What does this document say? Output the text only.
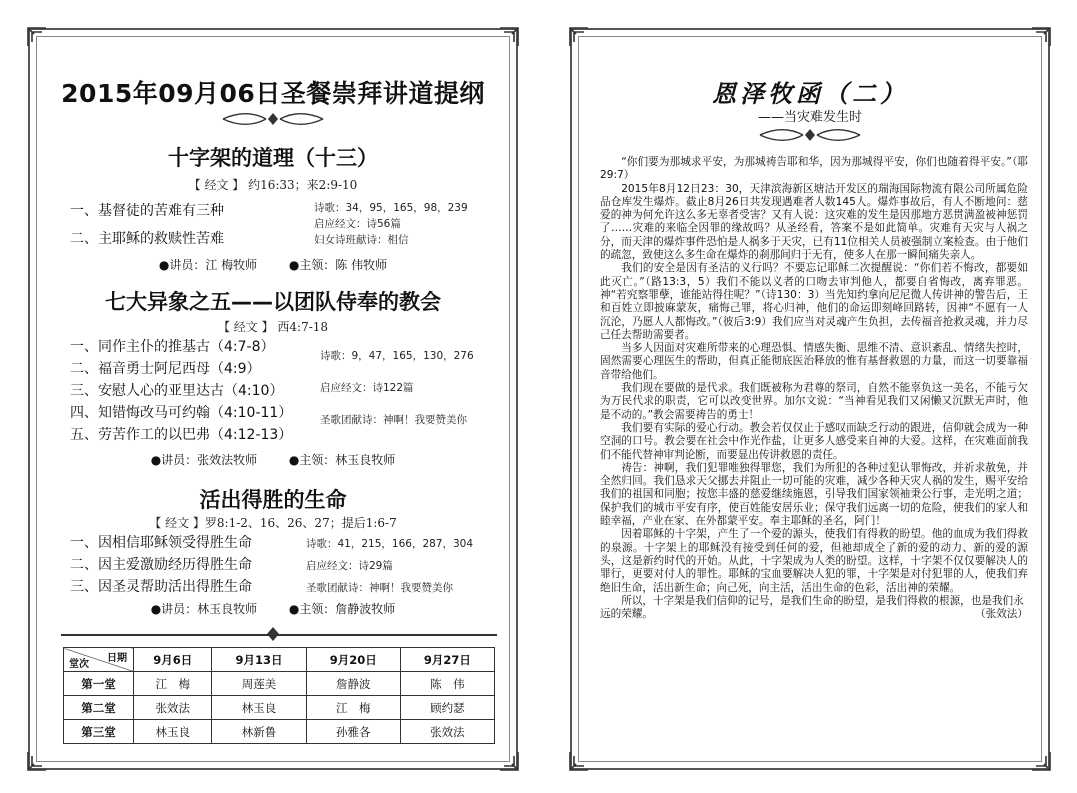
2015年09月06日圣餐崇拜讲道提纲
十字架的道理（十三）
【 经文 】 约16:33；来2:9-10
一、基督徒的苦难有三种
二、主耶稣的救赎性苦难
诗歌：34，95，165，98，239
启应经文：诗56篇
妇女诗班献诗：相信
●讲员：江 梅牧师	●主领：陈 伟牧师
七大异象之五——以团队侍奉的教会
【 经文 】 西4:7-18
一、同作主仆的推基古（4:7-8）
二、福音勇士阿尼西母（4:9）
三、安慰人心的亚里达古（4:10）
四、知错悔改马可约翰（4:10-11）
五、劳苦作工的以巴弗（4:12-13）
诗歌：9，47，165，130，276
启应经文：诗122篇
圣歌团献诗：神啊！我要赞美你
●讲员：张效法牧师	●主领：林玉良牧师
活出得胜的生命
【 经文 】罗8:1-2、16、26、27；提后1:6-7
一、因相信耶稣领受得胜生命
二、因主爱激励经历得胜生命
三、因圣灵帮助活出得胜生命
诗歌：41，215，166，287，304
启应经文：诗29篇
圣歌团献诗：神啊！我要赞美你
●讲员：林玉良牧师	●主领：詹静波牧师
日期
堂次	9月6日	9月13日	9月20日	9月27日
第一堂	江　梅	周莲美	詹静波	陈　伟
第二堂	张效法	林玉良	江　梅	顾约瑟
第三堂	林玉良	林新鲁	孙雅各	张效法
恩泽牧函（二）
——当灾难发生时

“你们要为那城求平安，为那城祷告耶和华，因为那城得平安，你们也随着得平安。”（耶29:7）

2015年8月12日23：30，天津滨海新区塘沽开发区的瑞海国际物流有限公司所属危险品仓库发生爆炸。截止8月26日共发现遇难者人数145人。爆炸事故后，有人不断地问：慈爱的神为何允许这么多无辜者受害？又有人说：这灾难的发生是因那地方恶贯满盈被神惩罚了……灾难的来临全因罪的缘故吗？从圣经看，答案不是如此简单。灾难有天灾与人祸之分，而天津的爆炸事件恐怕是人祸多于天灾，已有11位相关人员被强制立案检查。由于他们的疏忽，致使这么多生命在爆炸的刹那间归于无有，使多人在那一瞬间痛失亲人。

我们的安全是因有圣洁的义行吗？不要忘记耶稣二次提醒说：“你们若不悔改，都要如此灭亡。”（路13:3，5）我们不能以义者的口吻去审判他人，都要自省悔改，离弃罪恶。神“若究察罪孽，谁能站得住呢？”（诗130：3）当先知约拿向尼尼微人传讲神的警告后，王和百姓立即披麻蒙灰，痛悔己罪，将心归神，他们的命运即刻峰回路转，因神“不愿有一人沉沦，乃愿人人都悔改。”（彼后3:9）我们应当对灵魂产生负担，去传福音抢救灵魂，并力尽己任去帮助需要者。

当多人因面对灾难所带来的心理恐惧、情感失衡、思维不清、意识紊乱、情绪失控时，固然需要心理医生的帮助，但真正能彻底医治释放的惟有基督救恩的力量，而这一切要靠福音带给他们。

我们现在要做的是代求。我们既被称为君尊的祭司，自然不能辜负这一美名，不能亏欠为万民代求的职责，它可以改变世界。加尔文说：“当神看见我们又闲懒又沉默无声时，他是不动的。”教会需要祷告的勇士！

我们要有实际的爱心行动。教会若仅仅止于感叹而缺乏行动的跟进，信仰就会成为一种空洞的口号。教会要在社会中作光作盐，让更多人感受来自神的大爱。这样，在灾难面前我们不能代替神审判论断，而要显出传讲救恩的责任。

祷告：神啊，我们犯罪唯独得罪您，我们为所犯的各种过犯认罪悔改，并祈求赦免，并全然归回。我们恳求天父挪去并阻止一切可能的灾难，减少各种天灾人祸的发生，赐平安给我们的祖国和同胞；按您丰盛的慈爱继续施恩，引导我们国家领袖秉公行事，走光明之道；保护我们的城市平安有序，使百姓能安居乐业；保守我们远离一切的危险，使我们的家人和睦幸福，产业在家、在外都蒙平安。奉主耶稣的圣名，阿门！

因着耶稣的十字架，产生了一个爱的源头，使我们有得救的盼望。他的血成为我们得救的泉源。十字架上的耶稣没有接受到任何的爱，但祂却成全了新的爱的动力、新的爱的源头，这是新约时代的开始。从此，十字架成为人类的盼望。这样，十字架不仅仅要解决人的罪行，更要对付人的罪性。耶稣的宝血要解决人犯的罪，十字架是对付犯罪的人，使我们弃绝旧生命，活出新生命；向己死，向主活，活出生命的色彩，活出神的荣耀。

所以，十字架是我们信仰的记号，是我们生命的盼望，是我们得救的根源，也是我们永远的荣耀。	（张效法）
